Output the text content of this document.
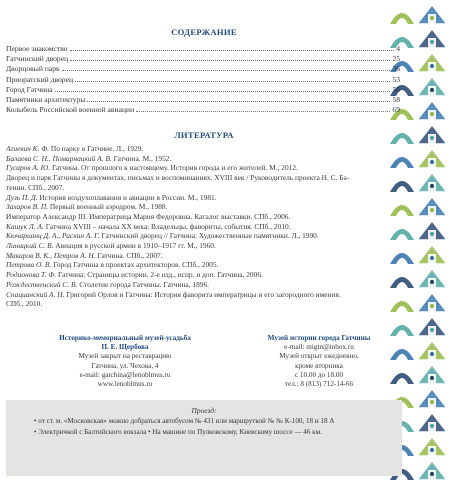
СОДЕРЖАНИЕ
Первое знакомство	4
Гатчинский дворец	25
Дворцовый парк	36
Приоратский дворец	53
Город Гатчина	56
Памятники архитектуры	58
Колыбель Российской военной авиации	69
ЛИТЕРАТУРА
Агиевич К. Ф. По парку в Гатчине. Л., 1929.
Балаева С. Н., Помарнацкий А. В. Гатчина. М., 1952.
Гусаров А. Ю. Гатчина. От прошлого к настоящему. История города и его жителей. М., 2012.
Дворец и парк Гатчины в документах, письмах и воспоминаниях. XVIII век / Руководитель проекта Н. С. Ба-
тенин. СПб., 2007.
Дузь П. Д. История воздухоплавания и авиации в России. М., 1981.
Захаров В. П. Первый военный аэродром. М., 1988.
Император Александр III. Императрица Мария Федоровна. Каталог выставки. СПб., 2006.
Кашук Л. А. Гатчина XVIII – начала XX века: Владельцы, фавориты, события. СПб., 2010.
Кючарианц Д. А., Раскин А. Г. Гатчинский дворец // Гатчина: Художественные памятники. Л., 1990.
Линицкий С. В. Авиация в русской армии в 1910–1917 гг. М., 1960.
Макаров В. К., Петров А. Н. Гатчина. СПб., 2007.
Петрова О. В. Город Гатчина в проектах архитекторов. СПб., 2005.
Родионова Т. Ф. Гатчина: Страницы истории. 2-е изд., испр. и доп. Гатчина, 2006.
Рождественский С. В. Столетие города Гатчины. Гатчина, 1896.
Спацианский А. Н. Григорий Орлов и Гатчина: История фаворита императрицы и его загородного имения.
СПб., 2010.
Историко-мемориальный музей-усадьба
П. Е. Щербова
Музей закрыт на реставрацию
Гатчина, ул. Чехова, 4
e-mail: gatchina@lenoblmus.ru
www.lenoblmus.ru
Музей истории города Гатчины
e-mail: migtn@inbox.ru
Музей открыт ежедневно,
кроме вторника
с 10.00 до 18.00
тел.: 8 (813) 712-14-66
Проезд:
• от ст. м. «Московская» можно добраться автобусом № 431 или маршруткой № № К-100, 18 и 18 А
• Электричкой с Балтийского вокзала • На машине по Пулковскому, Киевскому шоссе — 46 км.
